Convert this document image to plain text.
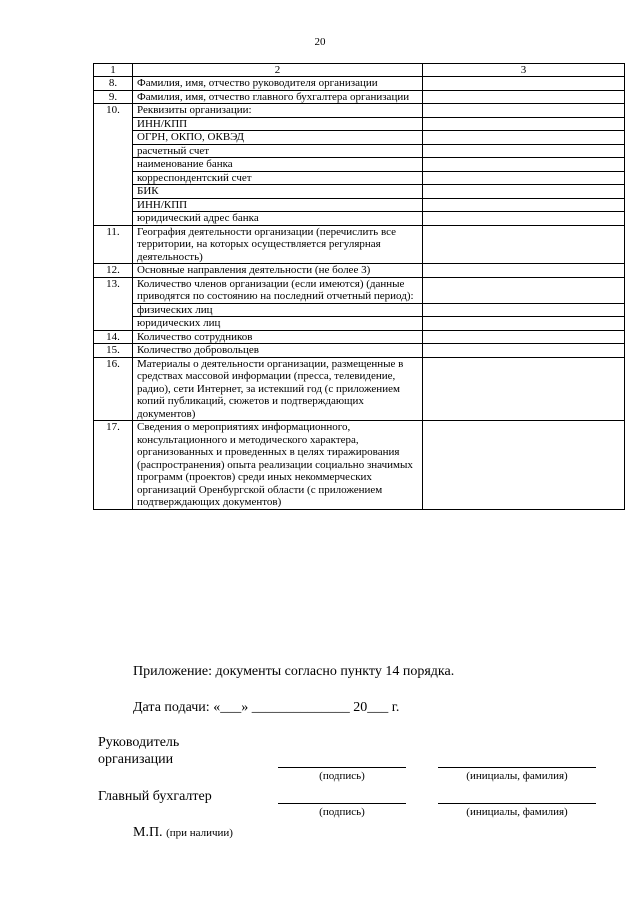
20
1	2	3
8.	Фамилия, имя, отчество руководителя организации	
9.	Фамилия, имя, отчество главного бухгалтера организации	
10.	Реквизиты организации:	
	ИНН/КПП	
	ОГРН, ОКПО, ОКВЭД	
	расчетный счет	
	наименование банка	
	корреспондентский счет	
	БИК	
	ИНН/КПП	
	юридический адрес банка	
11.	География деятельности организации (перечислить все территории, на которых осуществляется регулярная деятельность)	
12.	Основные направления деятельности (не более 3)	
13.	Количество членов организации (если имеются) (данные приводятся по состоянию на последний отчетный период):	
	физических лиц	
	юридических лиц	
14.	Количество сотрудников	
15.	Количество добровольцев	
16.	Материалы о деятельности организации, размещенные в средствах массовой информации (пресса, телевидение, радио), сети Интернет, за истекший год (с приложением копий публикаций, сюжетов и подтверждающих документов)	
17.	Сведения о мероприятиях информационного, консультационного и методического характера, организованных и проведенных в целях тиражирования (распространения) опыта реализации социально значимых программ (проектов) среди иных некоммерческих организаций Оренбургской области (с приложением подтверждающих документов)	
Приложение: документы согласно пункту 14 порядка.
Дата подачи: «___» ______________ 20___ г.
Руководитель
организации
(подпись)	(инициалы, фамилия)
Главный бухгалтер
(подпись)	(инициалы, фамилия)
М.П. (при наличии)
